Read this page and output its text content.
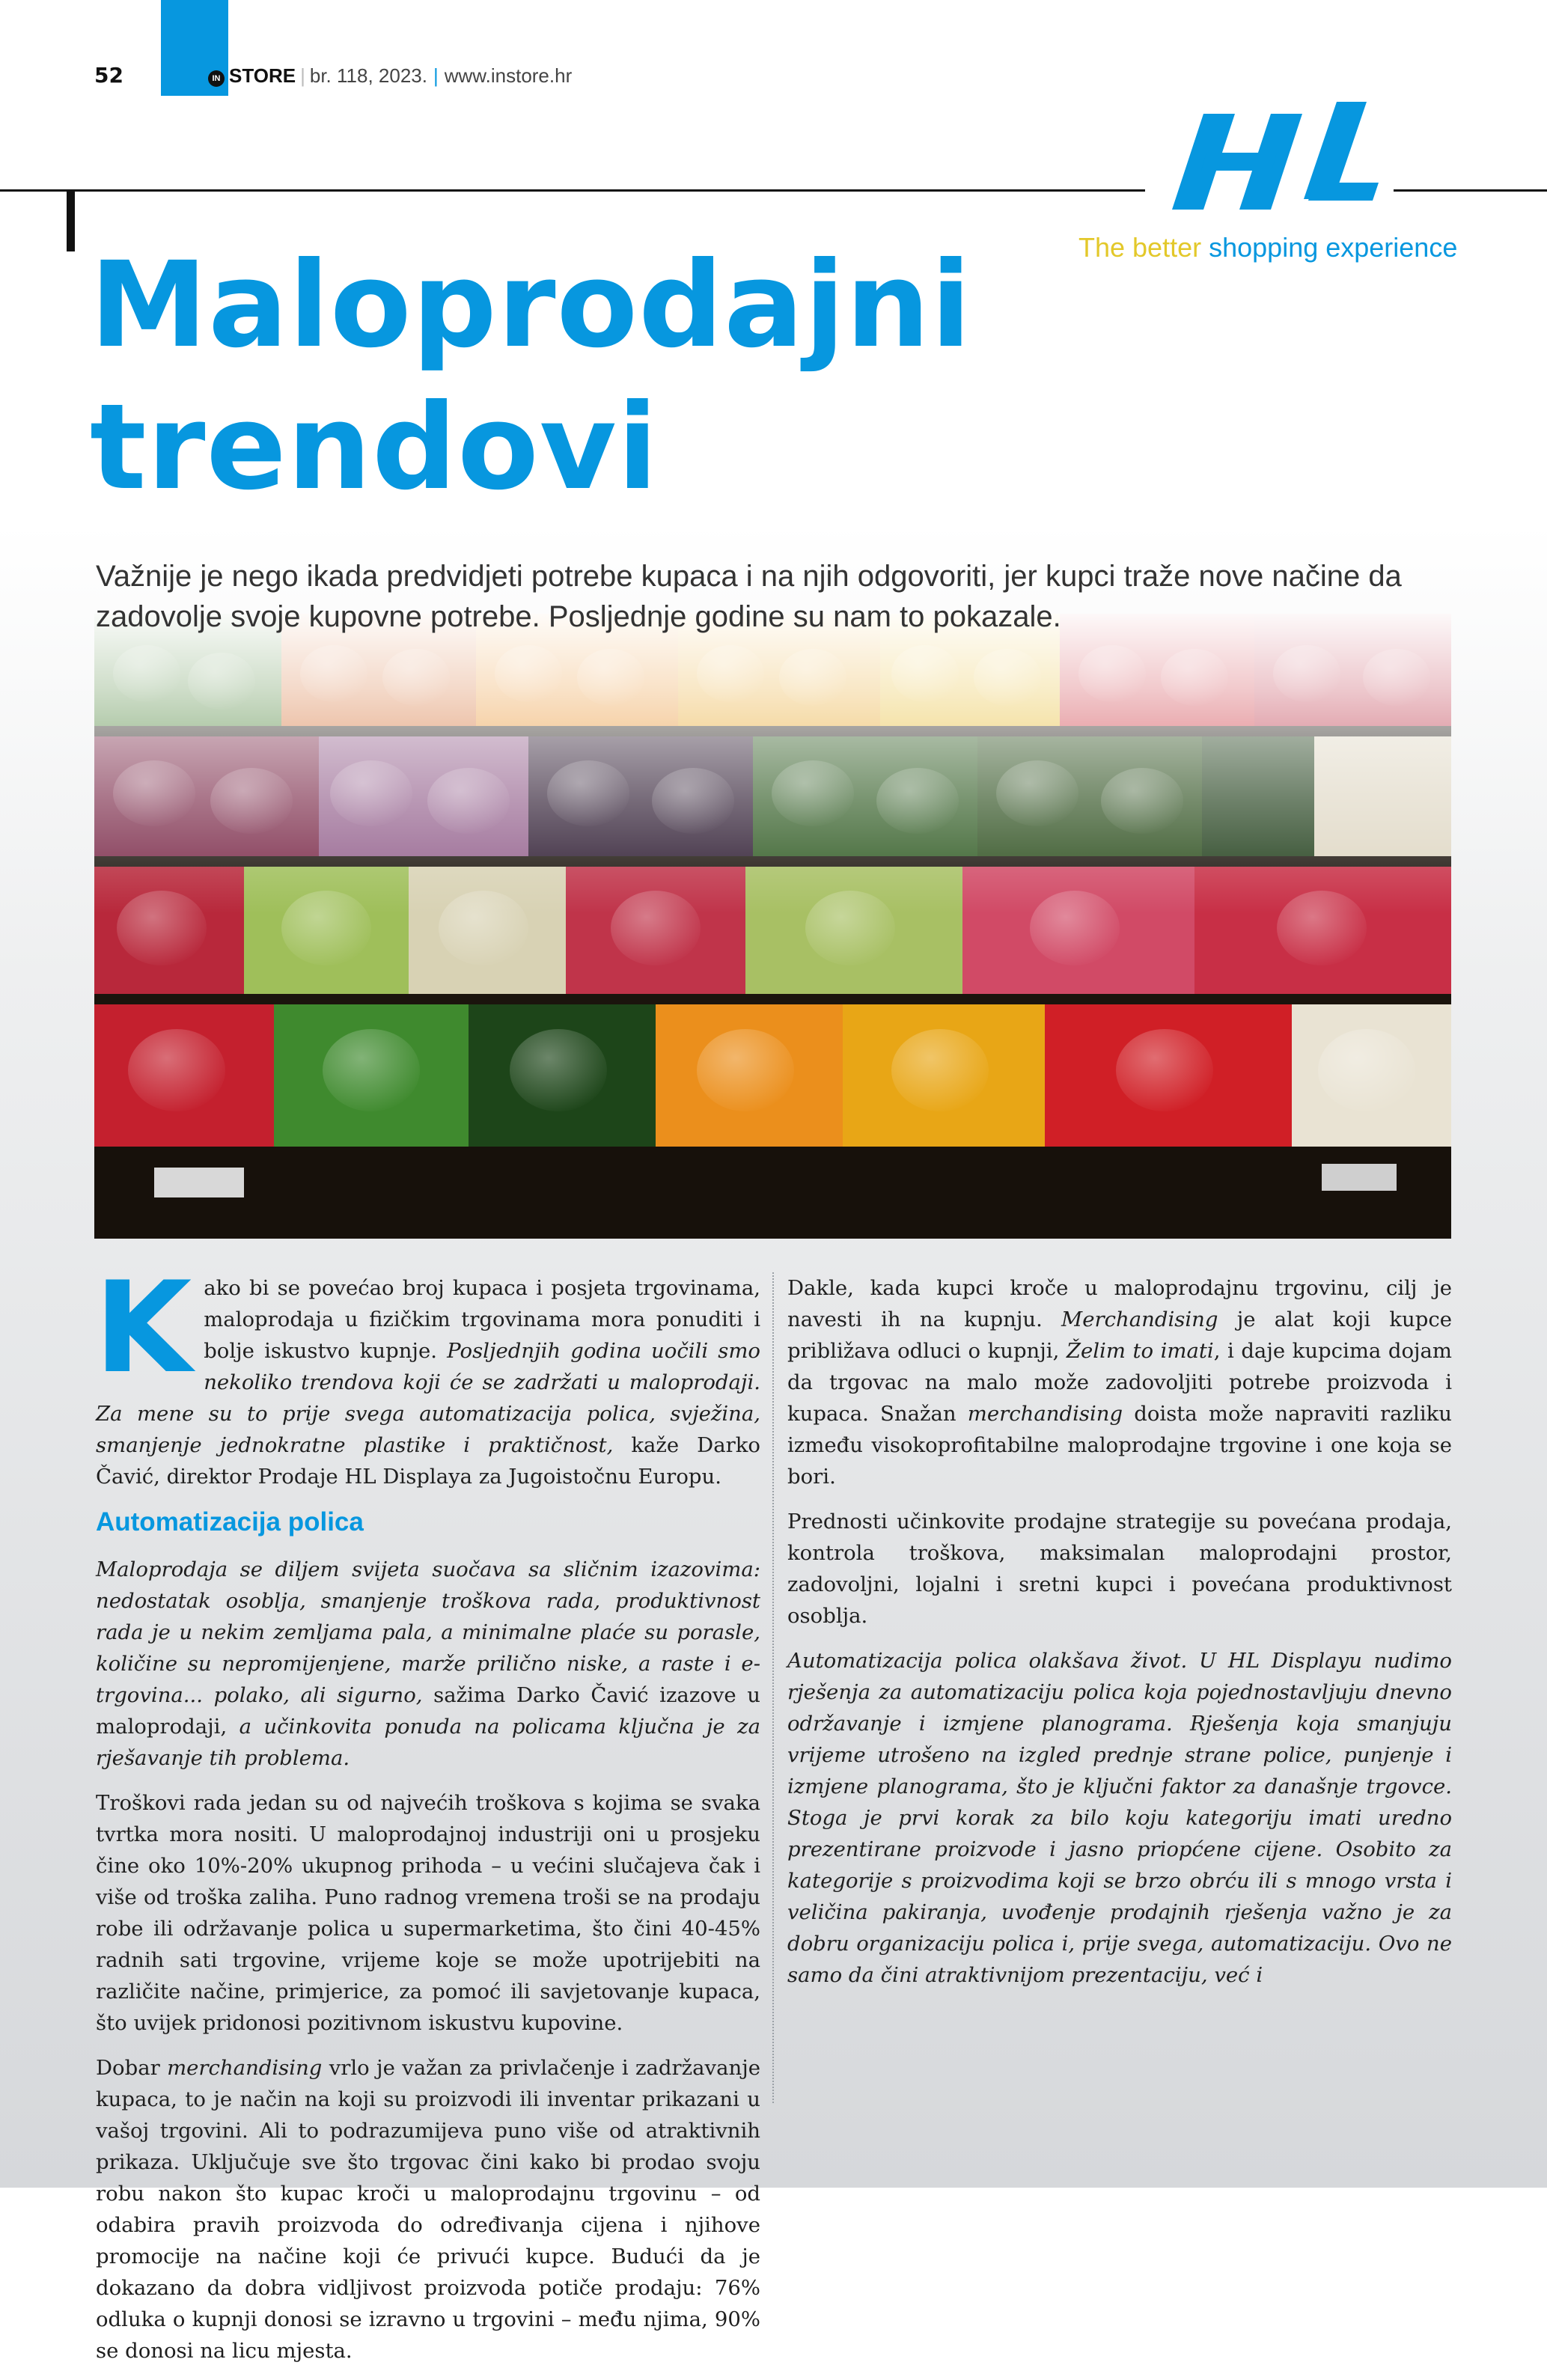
52	IN STORE | br. 118, 2023. | www.instore.hr
The better shopping experience
Maloprodajni
trendovi

Važnije je nego ikada predvidjeti potrebe kupaca i na njih odgovoriti, jer kupci traže nove načine da zadovolje svoje kupovne potrebe. Posljednje godine su nam to pokazale.

Kako bi se povećao broj kupaca i posjeta trgovinama, maloprodaja u fizičkim trgovinama mora ponuditi i bolje iskustvo kupnje. Posljednjih godina uočili smo nekoliko trendova koji će se zadržati u maloprodaji. Za mene su to prije svega automatizacija polica, svježina, smanjenje jednokratne plastike i praktičnost, kaže Darko Čavić, direktor Prodaje HL Displaya za Jugoistočnu Europu.

Automatizacija polica

Maloprodaja se diljem svijeta suočava sa sličnim izazovima: nedostatak osoblja, smanjenje troškova rada, produktivnost rada je u nekim zemljama pala, a minimalne plaće su porasle, količine su nepromijenjene, marže prilično niske, a raste i e-trgovina... polako, ali sigurno, sažima Darko Čavić izazove u maloprodaji, a učinkovita ponuda na policama ključna je za rješavanje tih problema.

Troškovi rada jedan su od najvećih troškova s kojima se svaka tvrtka mora nositi. U maloprodajnoj industriji oni u prosjeku čine oko 10%-20% ukupnog prihoda – u većini slučajeva čak i više od troška zaliha. Puno radnog vremena troši se na prodaju robe ili održavanje polica u supermarketima, što čini 40-45% radnih sati trgovine, vrijeme koje se može upotrijebiti na različite načine, primjerice, za pomoć ili savjetovanje kupaca, što uvijek pridonosi pozitivnom iskustvu kupovine.

Dobar merchandising vrlo je važan za privlačenje i zadržavanje kupaca, to je način na koji su proizvodi ili inventar prikazani u vašoj trgovini. Ali to podrazumijeva puno više od atraktivnih prikaza. Uključuje sve što trgovac čini kako bi prodao svoju robu nakon što kupac kroči u maloprodajnu trgovinu – od odabira pravih proizvoda do određivanja cijena i njihove promocije na načine koji će privući kupce. Budući da je dokazano da dobra vidljivost proizvoda potiče prodaju: 76% odluka o kupnji donosi se izravno u trgovini – među njima, 90% se donosi na licu mjesta.

Dakle, kada kupci kroče u maloprodajnu trgovinu, cilj je navesti ih na kupnju. Merchandising je alat koji kupce približava odluci o kupnji, Želim to imati, i daje kupcima dojam da trgovac na malo može zadovoljiti potrebe proizvoda i kupaca. Snažan merchandising doista može napraviti razliku između visokoprofitabilne maloprodajne trgovine i one koja se bori.

Prednosti učinkovite prodajne strategije su povećana prodaja, kontrola troškova, maksimalan maloprodajni prostor, zadovoljni, lojalni i sretni kupci i povećana produktivnost osoblja.

Automatizacija polica olakšava život. U HL Displayu nudimo rješenja za automatizaciju polica koja pojednostavljuju dnevno održavanje i izmjene planograma. Rješenja koja smanjuju vrijeme utrošeno na izgled prednje strane police, punjenje i izmjene planograma, što je ključni faktor za današnje trgovce. Stoga je prvi korak za bilo koju kategoriju imati uredno prezentirane proizvode i jasno priopćene cijene. Osobito za kategorije s proizvodima koji se brzo obrću ili s mnogo vrsta i veličina pakiranja, uvođenje prodajnih rješenja važno je za dobru organizaciju polica i, prije svega, automatizaciju. Ovo ne samo da čini atraktivnijom prezentaciju, već i
